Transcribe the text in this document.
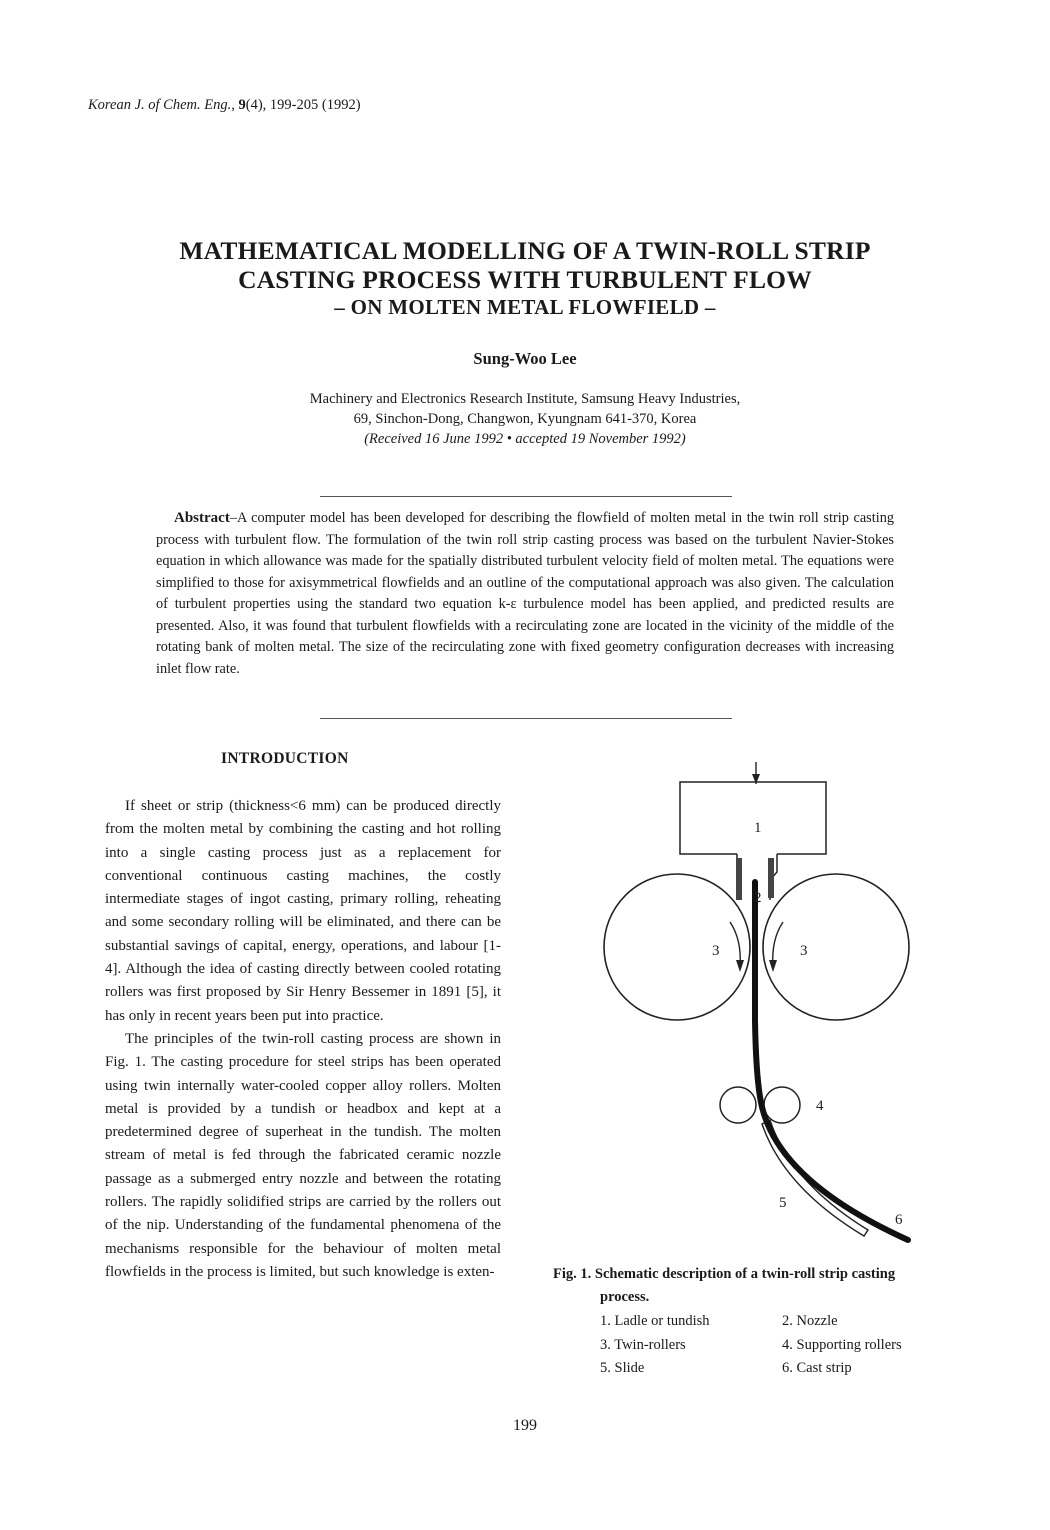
Korean J. of Chem. Eng., 9(4), 199-205 (1992)
MATHEMATICAL MODELLING OF A TWIN-ROLL STRIP
CASTING PROCESS WITH TURBULENT FLOW
– ON MOLTEN METAL FLOWFIELD –
Sung-Woo Lee
Machinery and Electronics Research Institute, Samsung Heavy Industries,
69, Sinchon-Dong, Changwon, Kyungnam 641-370, Korea
(Received 16 June 1992 • accepted 19 November 1992)
Abstract–A computer model has been developed for describing the flowfield of molten metal in the twin roll strip casting process with turbulent flow. The formulation of the twin roll strip casting process was based on the turbulent Navier-Stokes equation in which allowance was made for the spatially distributed turbulent velocity field of molten metal. The equations were simplified to those for axisymmetrical flowfields and an outline of the computational approach was also given. The calculation of turbulent properties using the standard two equation k-ε turbulence model has been applied, and predicted results are presented. Also, it was found that turbulent flowfields with a recirculating zone are located in the vicinity of the middle of the rotating bank of molten metal. The size of the recirculating zone with fixed geometry configuration decreases with increasing inlet flow rate.
INTRODUCTION

If sheet or strip (thickness<6 mm) can be produced directly from the molten metal by combining the casting and hot rolling into a single casting process just as a replacement for conventional continuous casting machines, the costly intermediate stages of ingot casting, primary rolling, reheating and some secondary rolling will be eliminated, and there can be substantial savings of capital, energy, operations, and labour [1-4]. Although the idea of casting directly between cooled rotating rollers was first proposed by Sir Henry Bessemer in 1891 [5], it has only in recent years been put into practice.

The principles of the twin-roll casting process are shown in Fig. 1. The casting procedure for steel strips has been operated using twin internally water-cooled copper alloy rollers. Molten metal is provided by a tundish or headbox and kept at a predetermined degree of superheat in the tundish. The molten stream of metal is fed through the fabricated ceramic nozzle passage as a submerged entry nozzle and between the rotating rollers. The rapidly solidified strips are carried by the rollers out of the nip. Understanding of the fundamental phenomena of the mechanisms responsible for the behaviour of molten metal flowfields in the process is limited, but such knowledge is exten-

1
2
3	3
4
5
6
Fig. 1. Schematic description of a twin-roll strip casting
process.
1. Ladle or tundish	2. Nozzle
3. Twin-rollers	4. Supporting rollers
5. Slide	6. Cast strip
199
